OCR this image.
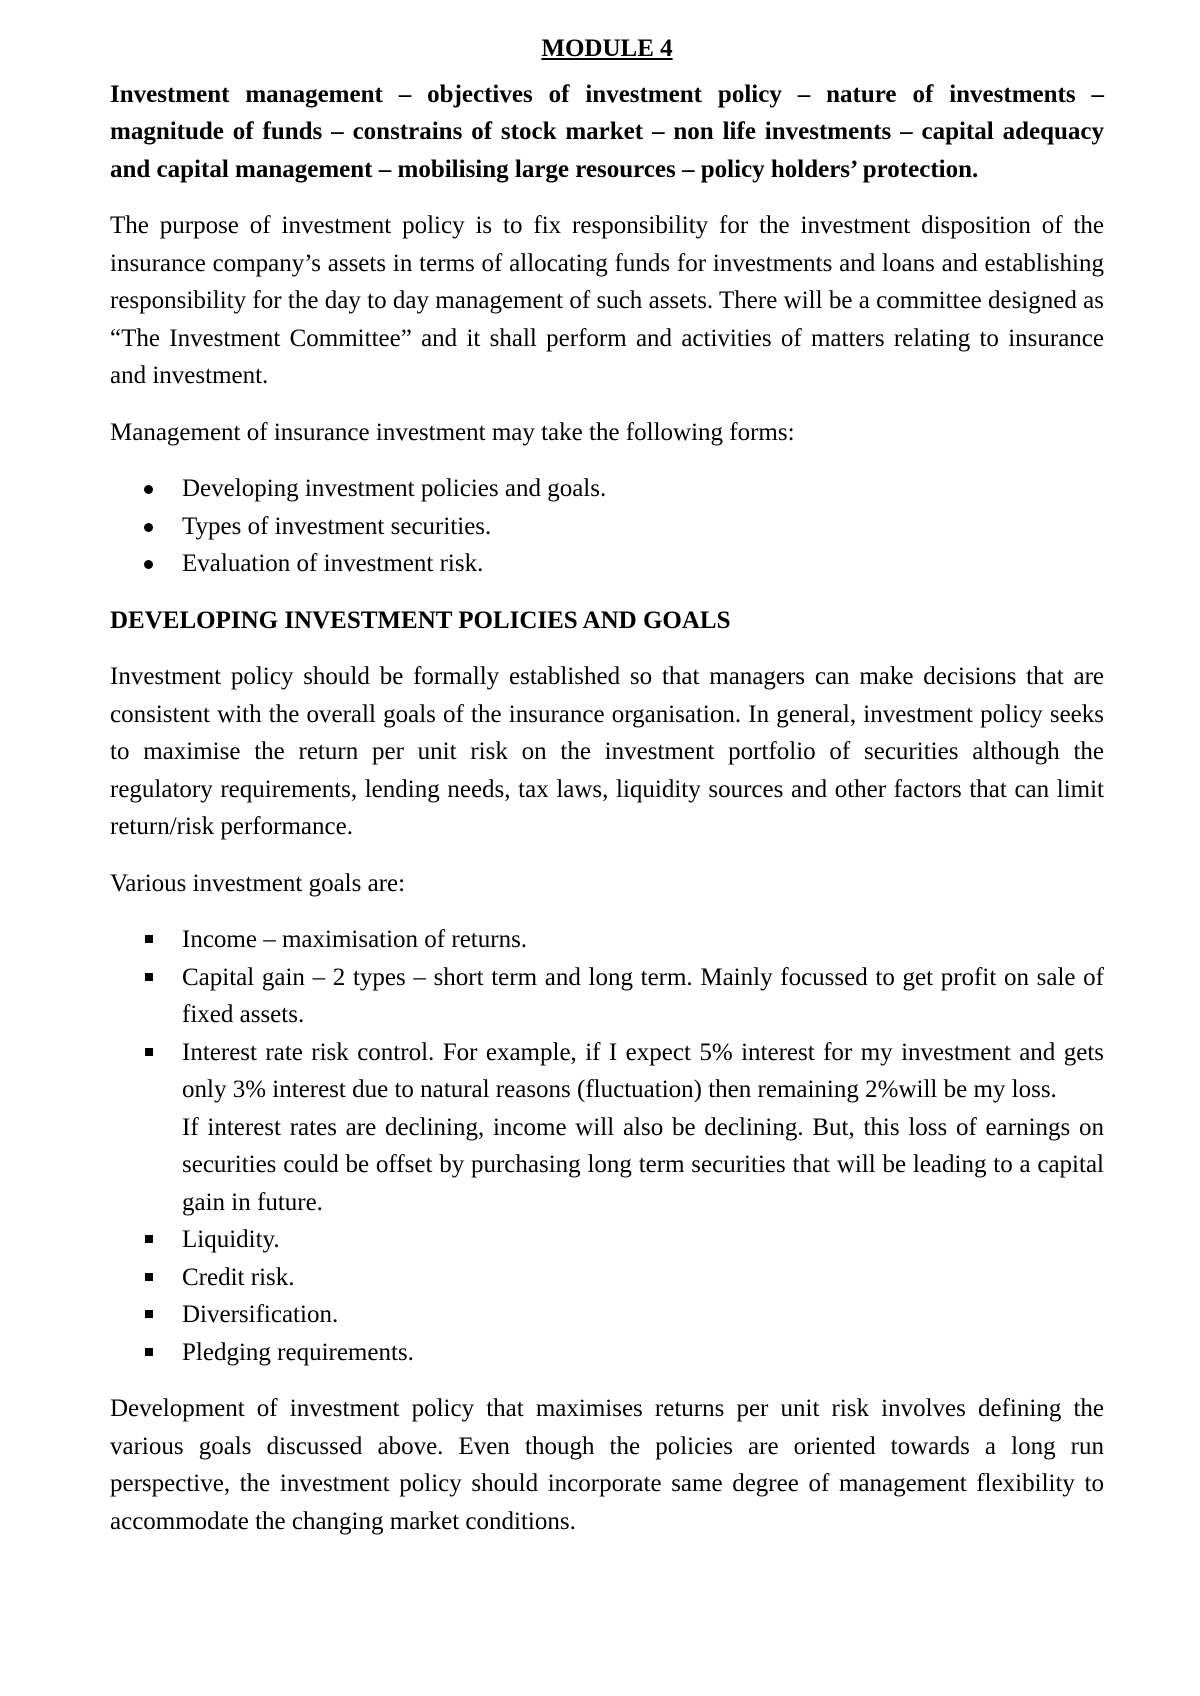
MODULE 4

Investment management – objectives of investment policy – nature of investments – magnitude of funds – constrains of stock market – non life investments – capital adequacy and capital management – mobilising large resources – policy holders’ protection.

The purpose of investment policy is to fix responsibility for the investment disposition of the insurance company’s assets in terms of allocating funds for investments and loans and establishing responsibility for the day to day management of such assets. There will be a committee designed as “The Investment Committee” and it shall perform and activities of matters relating to insurance and investment.

Management of insurance investment may take the following forms:

Developing investment policies and goals.
Types of investment securities.
Evaluation of investment risk.
DEVELOPING INVESTMENT POLICIES AND GOALS

Investment policy should be formally established so that managers can make decisions that are consistent with the overall goals of the insurance organisation. In general, investment policy seeks to maximise the return per unit risk on the investment portfolio of securities although the regulatory requirements, lending needs, tax laws, liquidity sources and other factors that can limit return/risk performance.

Various investment goals are:

Income – maximisation of returns.
Capital gain – 2 types – short term and long term. Mainly focussed to get profit on sale of fixed assets.
Interest rate risk control. For example, if I expect 5% interest for my investment and gets only 3% interest due to natural reasons (fluctuation) then remaining 2%will be my loss.
If interest rates are declining, income will also be declining. But, this loss of earnings on securities could be offset by purchasing long term securities that will be leading to a capital gain in future.
Liquidity.
Credit risk.
Diversification.
Pledging requirements.

Development of investment policy that maximises returns per unit risk involves defining the various goals discussed above. Even though the policies are oriented towards a long run perspective, the investment policy should incorporate same degree of management flexibility to accommodate the changing market conditions.
